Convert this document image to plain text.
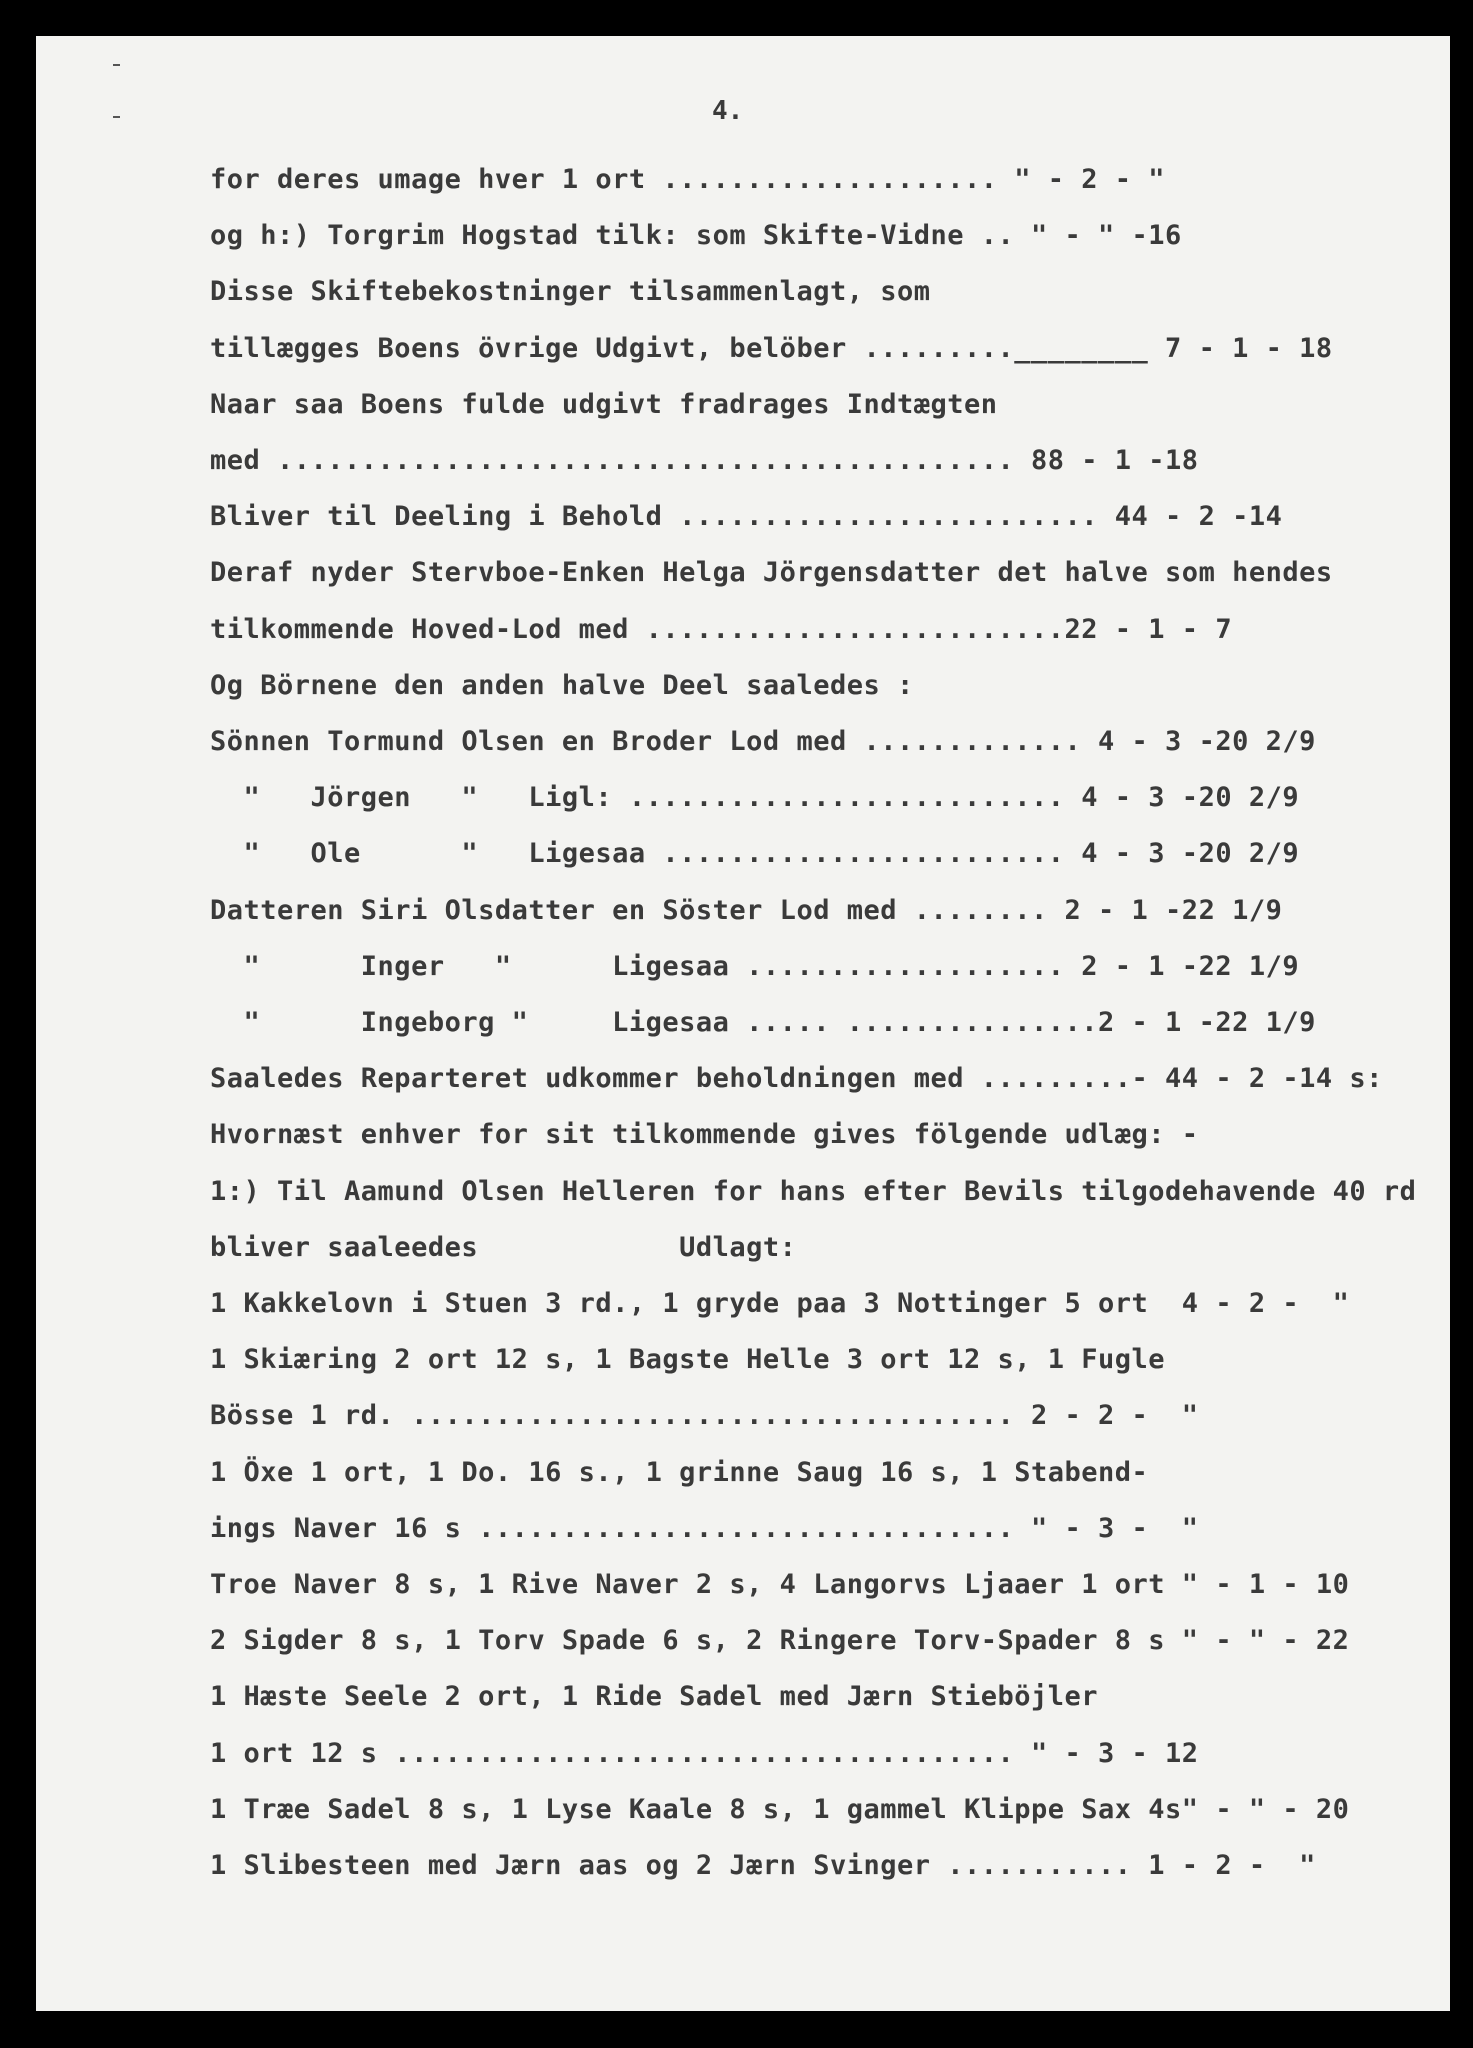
4.
for deres umage hver 1 ort .................... " - 2 - "
og h:) Torgrim Hogstad tilk: som Skifte-Vidne .. " - " -16
Disse Skiftebekostninger tilsammenlagt, som
tillægges Boens övrige Udgivt, belöber .........________ 7 - 1 - 18
Naar saa Boens fulde udgivt fradrages Indtægten
med ............................................ 88 - 1 -18
Bliver til Deeling i Behold ......................... 44 - 2 -14
Deraf nyder Stervboe-Enken Helga Jörgensdatter det halve som hendes
tilkommende Hoved-Lod med .........................22 - 1 - 7
Og Börnene den anden halve Deel saaledes :
Sönnen Tormund Olsen en Broder Lod med ............. 4 - 3 -20 2/9
"   Jörgen   "   Ligl: .......................... 4 - 3 -20 2/9
"   Ole      "   Ligesaa ........................ 4 - 3 -20 2/9
Datteren Siri Olsdatter en Söster Lod med ........ 2 - 1 -22 1/9
"      Inger   "      Ligesaa ................... 2 - 1 -22 1/9
"      Ingeborg "     Ligesaa ..... ...............2 - 1 -22 1/9
Saaledes Reparteret udkommer beholdningen med .........- 44 - 2 -14 s:
Hvornæst enhver for sit tilkommende gives fölgende udlæg: -
1:) Til Aamund Olsen Helleren for hans efter Bevils tilgodehavende 40 rd
bliver saaleedes            Udlagt:
1 Kakkelovn i Stuen 3 rd., 1 gryde paa 3 Nottinger 5 ort  4 - 2 -  "
1 Skiæring 2 ort 12 s, 1 Bagste Helle 3 ort 12 s, 1 Fugle
Bösse 1 rd. .................................... 2 - 2 -  "
1 Öxe 1 ort, 1 Do. 16 s., 1 grinne Saug 16 s, 1 Stabend-
ings Naver 16 s ................................ " - 3 -  "
Troe Naver 8 s, 1 Rive Naver 2 s, 4 Langorvs Ljaaer 1 ort " - 1 - 10
2 Sigder 8 s, 1 Torv Spade 6 s, 2 Ringere Torv-Spader 8 s " - " - 22
1 Hæste Seele 2 ort, 1 Ride Sadel med Jærn Stieböjler
1 ort 12 s ..................................... " - 3 - 12
1 Træe Sadel 8 s, 1 Lyse Kaale 8 s, 1 gammel Klippe Sax 4s" - " - 20
1 Slibesteen med Jærn aas og 2 Jærn Svinger ........... 1 - 2 -  "
